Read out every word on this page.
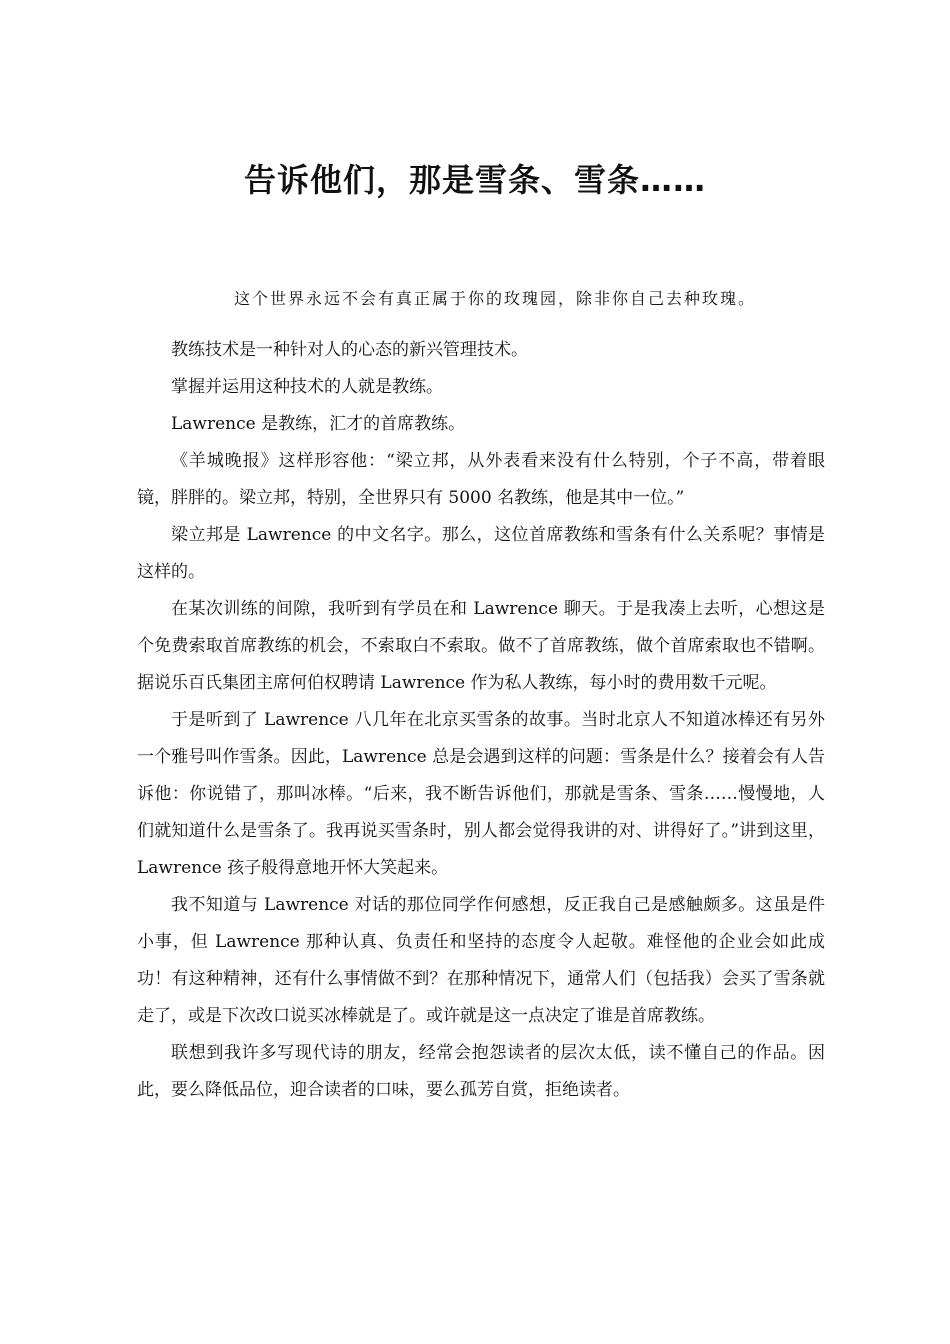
告诉他们，那是雪条、雪条……

这个世界永远不会有真正属于你的玫瑰园，除非你自己去种玫瑰。

教练技术是一种针对人的心态的新兴管理技术。

掌握并运用这种技术的人就是教练。

Lawrence 是教练，汇才的首席教练。

《羊城晚报》这样形容他：“梁立邦，从外表看来没有什么特别，个子不高，带着眼镜，胖胖的。梁立邦，特别，全世界只有 5000 名教练，他是其中一位。”

梁立邦是 Lawrence 的中文名字。那么，这位首席教练和雪条有什么关系呢？事情是这样的。

在某次训练的间隙，我听到有学员在和 Lawrence 聊天。于是我凑上去听，心想这是个免费索取首席教练的机会，不索取白不索取。做不了首席教练，做个首席索取也不错啊。据说乐百氏集团主席何伯权聘请 Lawrence 作为私人教练，每小时的费用数千元呢。

于是听到了 Lawrence 八几年在北京买雪条的故事。当时北京人不知道冰棒还有另外一个雅号叫作雪条。因此，Lawrence 总是会遇到这样的问题：雪条是什么？接着会有人告诉他：你说错了，那叫冰棒。“后来，我不断告诉他们，那就是雪条、雪条……慢慢地，人们就知道什么是雪条了。我再说买雪条时，别人都会觉得我讲的对、讲得好了。”讲到这里，Lawrence 孩子般得意地开怀大笑起来。

我不知道与 Lawrence 对话的那位同学作何感想，反正我自己是感触颇多。这虽是件小事，但 Lawrence 那种认真、负责任和坚持的态度令人起敬。难怪他的企业会如此成功！有这种精神，还有什么事情做不到？在那种情况下，通常人们（包括我）会买了雪条就走了，或是下次改口说买冰棒就是了。或许就是这一点决定了谁是首席教练。

联想到我许多写现代诗的朋友，经常会抱怨读者的层次太低，读不懂自己的作品。因此，要么降低品位，迎合读者的口味，要么孤芳自赏，拒绝读者。
